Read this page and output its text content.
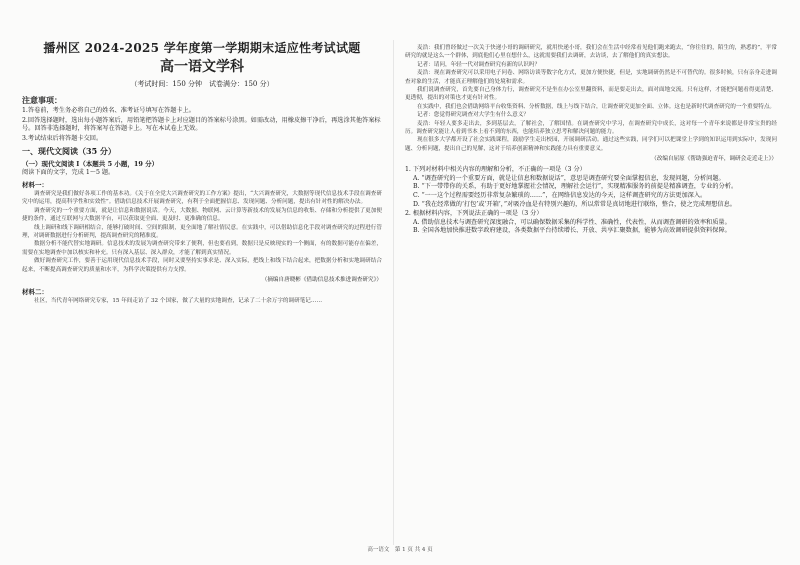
播州区 2024-2025 学年度第一学期期末适应性考试试题

高一语文学科

（考试时间：150 分钟　试卷满分：150 分）

注意事项：

1.答卷前，考生务必将自己的姓名、准考证号填写在答题卡上。

2.回答选择题时，选出每小题答案后，用铅笔把答题卡上对应题目的答案标号涂黑。如需改动，用橡皮擦干净后，再选涂其他答案标号。回答非选择题时，将答案写在答题卡上。写在本试卷上无效。

3.考试结束后将答题卡交回。

一、现代文阅读（35 分）

（一）现代文阅读 I（本题共 5 小题，19 分）

阅读下面的文字，完成 1～5 题。

材料一：

调查研究是我们做好各项工作的基本功。《关于在全党大兴调查研究的工作方案》提出，“大兴调查研究，大数据等现代信息技术手段在调查研究中的运用，提高科学性和实效性”。借助信息技术开展调查研究，有利于全面把握信息、发现问题、分析问题，提出有针对性的解决办法。

调查研究的一个重要方面，就是让信息和数据说话。今天，大数据、物联网、云计算等新技术的发展为信息的收集、存储和分析提供了更加便捷的条件，通过互联网与大数据平台，可以获取更全面、更及时、更准确的信息。

线上调研和线下调研相结合，能够打破时间、空间的限制，更全面地了解社情民意。在实践中，可以借助信息化手段对调查研究的过程进行管理，对调研数据进行分析研判，提高调查研究的精准度。

数据分析不能代替实地调研。信息技术的发展为调查研究带来了便利，但也要看到，数据只是反映现实的一个侧面，有的数据可能存在偏差，需要在实地调查中加以核实和补充。只有深入基层、深入群众，才能了解到真实情况。

做好调查研究工作，要善于运用现代信息技术手段，同时又要坚持实事求是、深入实际，把线上和线下结合起来，把数据分析和实地调研结合起来，不断提高调查研究的质量和水平，为科学决策提供有力支撑。

（摘编自唐晓彬《借助信息技术推进调查研究》）

材料二：

社区，当代青年网络研究专家，15 年间走访了 32 个国家，做了大量的实地调查，记录了二十余万字的调研笔记……

麦浩：我们曾经做过一次关于快递小哥的调研研究，就用快递小哥，我们会在生活中经常看见他们跑来跑去，“你往往的，陌生的，熟悉的”，平常研究的就是这么一个群体，到底他们心里在想什么，这就需要我们去调研，去访谈，去了解他们的真实想法。

记者：请问，年轻一代对调查研究有新的认识吗？

麦浩：现在调查研究可以采用电子问卷、网络访谈等数字化方式，更加方便快捷，但是，实地调研仍然是不可替代的。很多时候，只有亲身走进调查对象的生活，才能真正理解他们的处境和需求。

我们说调查研究，首先要自己身体力行，调查研究不是坐在办公室里翻资料，而是要走出去，面对面地交流。只有这样，才能把问题看得更清楚、更透彻，提出的对策也才更有针对性。

在实践中，我们也会借助网络平台收集资料、分析数据，线上与线下结合，让调查研究更加全面、立体。这也是新时代调查研究的一个重要特点。

记者：您觉得研究调查对大学生有什么意义？

麦浩：年轻人要多走出去，多到基层去，了解社会，了解国情。在调查研究中学习，在调查研究中成长，这对每一个青年来说都是非常宝贵的经历。调查研究能让人看到书本上看不到的东西，也能培养独立思考和解决问题的能力。

现在很多大学都开设了社会实践课程，鼓励学生走出校园，开展调研活动。通过这些实践，同学们可以把课堂上学到的知识运用到实际中，发现问题、分析问题，提出自己的见解，这对于培养创新精神和实践能力具有重要意义。

（改编自屈原《帮助强迫青年，调研会走近走上》）

1. 下列对材料中相关内容的理解和分析，不正确的一项是（3 分）

A. “调查研究的一个重要方面，就是让信息和数据说话”，意思是调查研究要全面掌握信息，发现问题，分析问题。

B. “下一带带你的关系，有助于更好地掌握社会情况，理解社会运行”，实现精准服务的前提是精准调查，专业的分析。

C. “一一这个过程需要经历非常复杂繁琐的……”，在网络信息发达的今天，这样调查研究的方法更加深入。

D. “我在经常做的‘打包’或‘开箱’，”对吸冷血是有特别兴趣的，所以常常是真切地进行联络，整合，使之完成理想信息。

2. 根据材料内容，下列说法正确的一项是（3 分）

A. 借助信息技术与调查研究深度融合，可以确保数据采集的科学性、准确性，代表性，从而调查调研的效率和质量。

B. 全国各地加快推进数字政府建设，各类数据平台持续增长、开放、共享汇聚数据，能够为高效调研提供资料保障。

高一语文　第 1 页 共 4 页
